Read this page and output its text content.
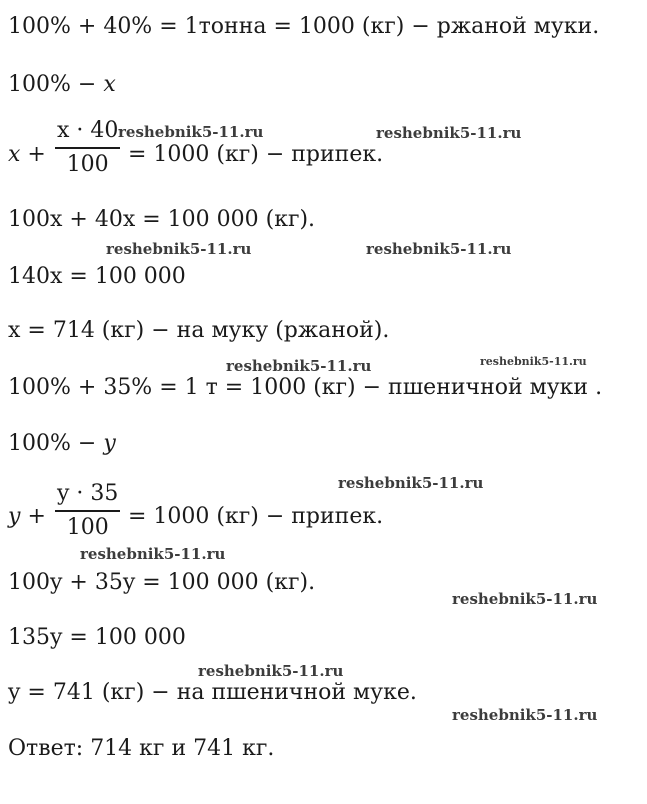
100% + 40% = 1тонна = 1000 (кг) − ржаной муки.
100% − x
x +
x · 40
100 = 1000 (кг) − припек.
100x + 40x = 100 000 (кг).
140x = 100 000
x = 714 (кг) − на муку (ржаной).
100% + 35% = 1 т = 1000 (кг) − пшеничной муки .
100% − y
y +
y · 35
100 = 1000 (кг) − припек.
100y + 35y = 100 000 (кг).
135y = 100 000
y = 741 (кг) − на пшеничной муке.
Ответ: 714 кг и 741 кг.
reshebnik5-11.ru	reshebnik5-11.ru
reshebnik5-11.ru	reshebnik5-11.ru
reshebnik5-11.ru	reshebnik5-11.ru
reshebnik5-11.ru
reshebnik5-11.ru
reshebnik5-11.ru
reshebnik5-11.ru
reshebnik5-11.ru
